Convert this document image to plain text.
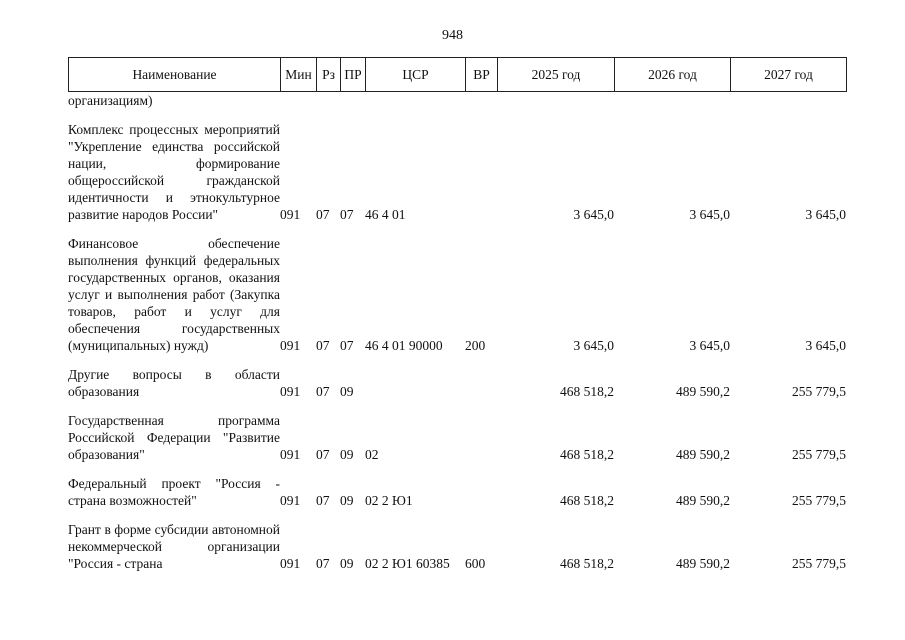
948
Наименование	Мин	Рз	ПР	ЦСР	ВР	2025 год	2026 год	2027 год
организациям)								
Комплекс процессных мероприятий "Укрепление единства российской нации, формирование общероссийской гражданской идентичности и этнокультурное развитие народов России"	091	07	07	46 4 01		3 645,0	3 645,0	3 645,0
Финансовое обеспечение выполнения функций федеральных государственных органов, оказания услуг и выполнения работ (Закупка товаров, работ и услуг для обеспечения государственных (муниципальных) нужд)	091	07	07	46 4 01 90000	200	3 645,0	3 645,0	3 645,0
Другие вопросы в области образования	091	07	09			468 518,2	489 590,2	255 779,5
Государственная программа Российской Федерации "Развитие образования"	091	07	09	02		468 518,2	489 590,2	255 779,5
Федеральный проект "Россия - страна возможностей"	091	07	09	02 2 Ю1		468 518,2	489 590,2	255 779,5
Грант в форме субсидии автономной некоммерческой организации "Россия - страна	091	07	09	02 2 Ю1 60385	600	468 518,2	489 590,2	255 779,5
